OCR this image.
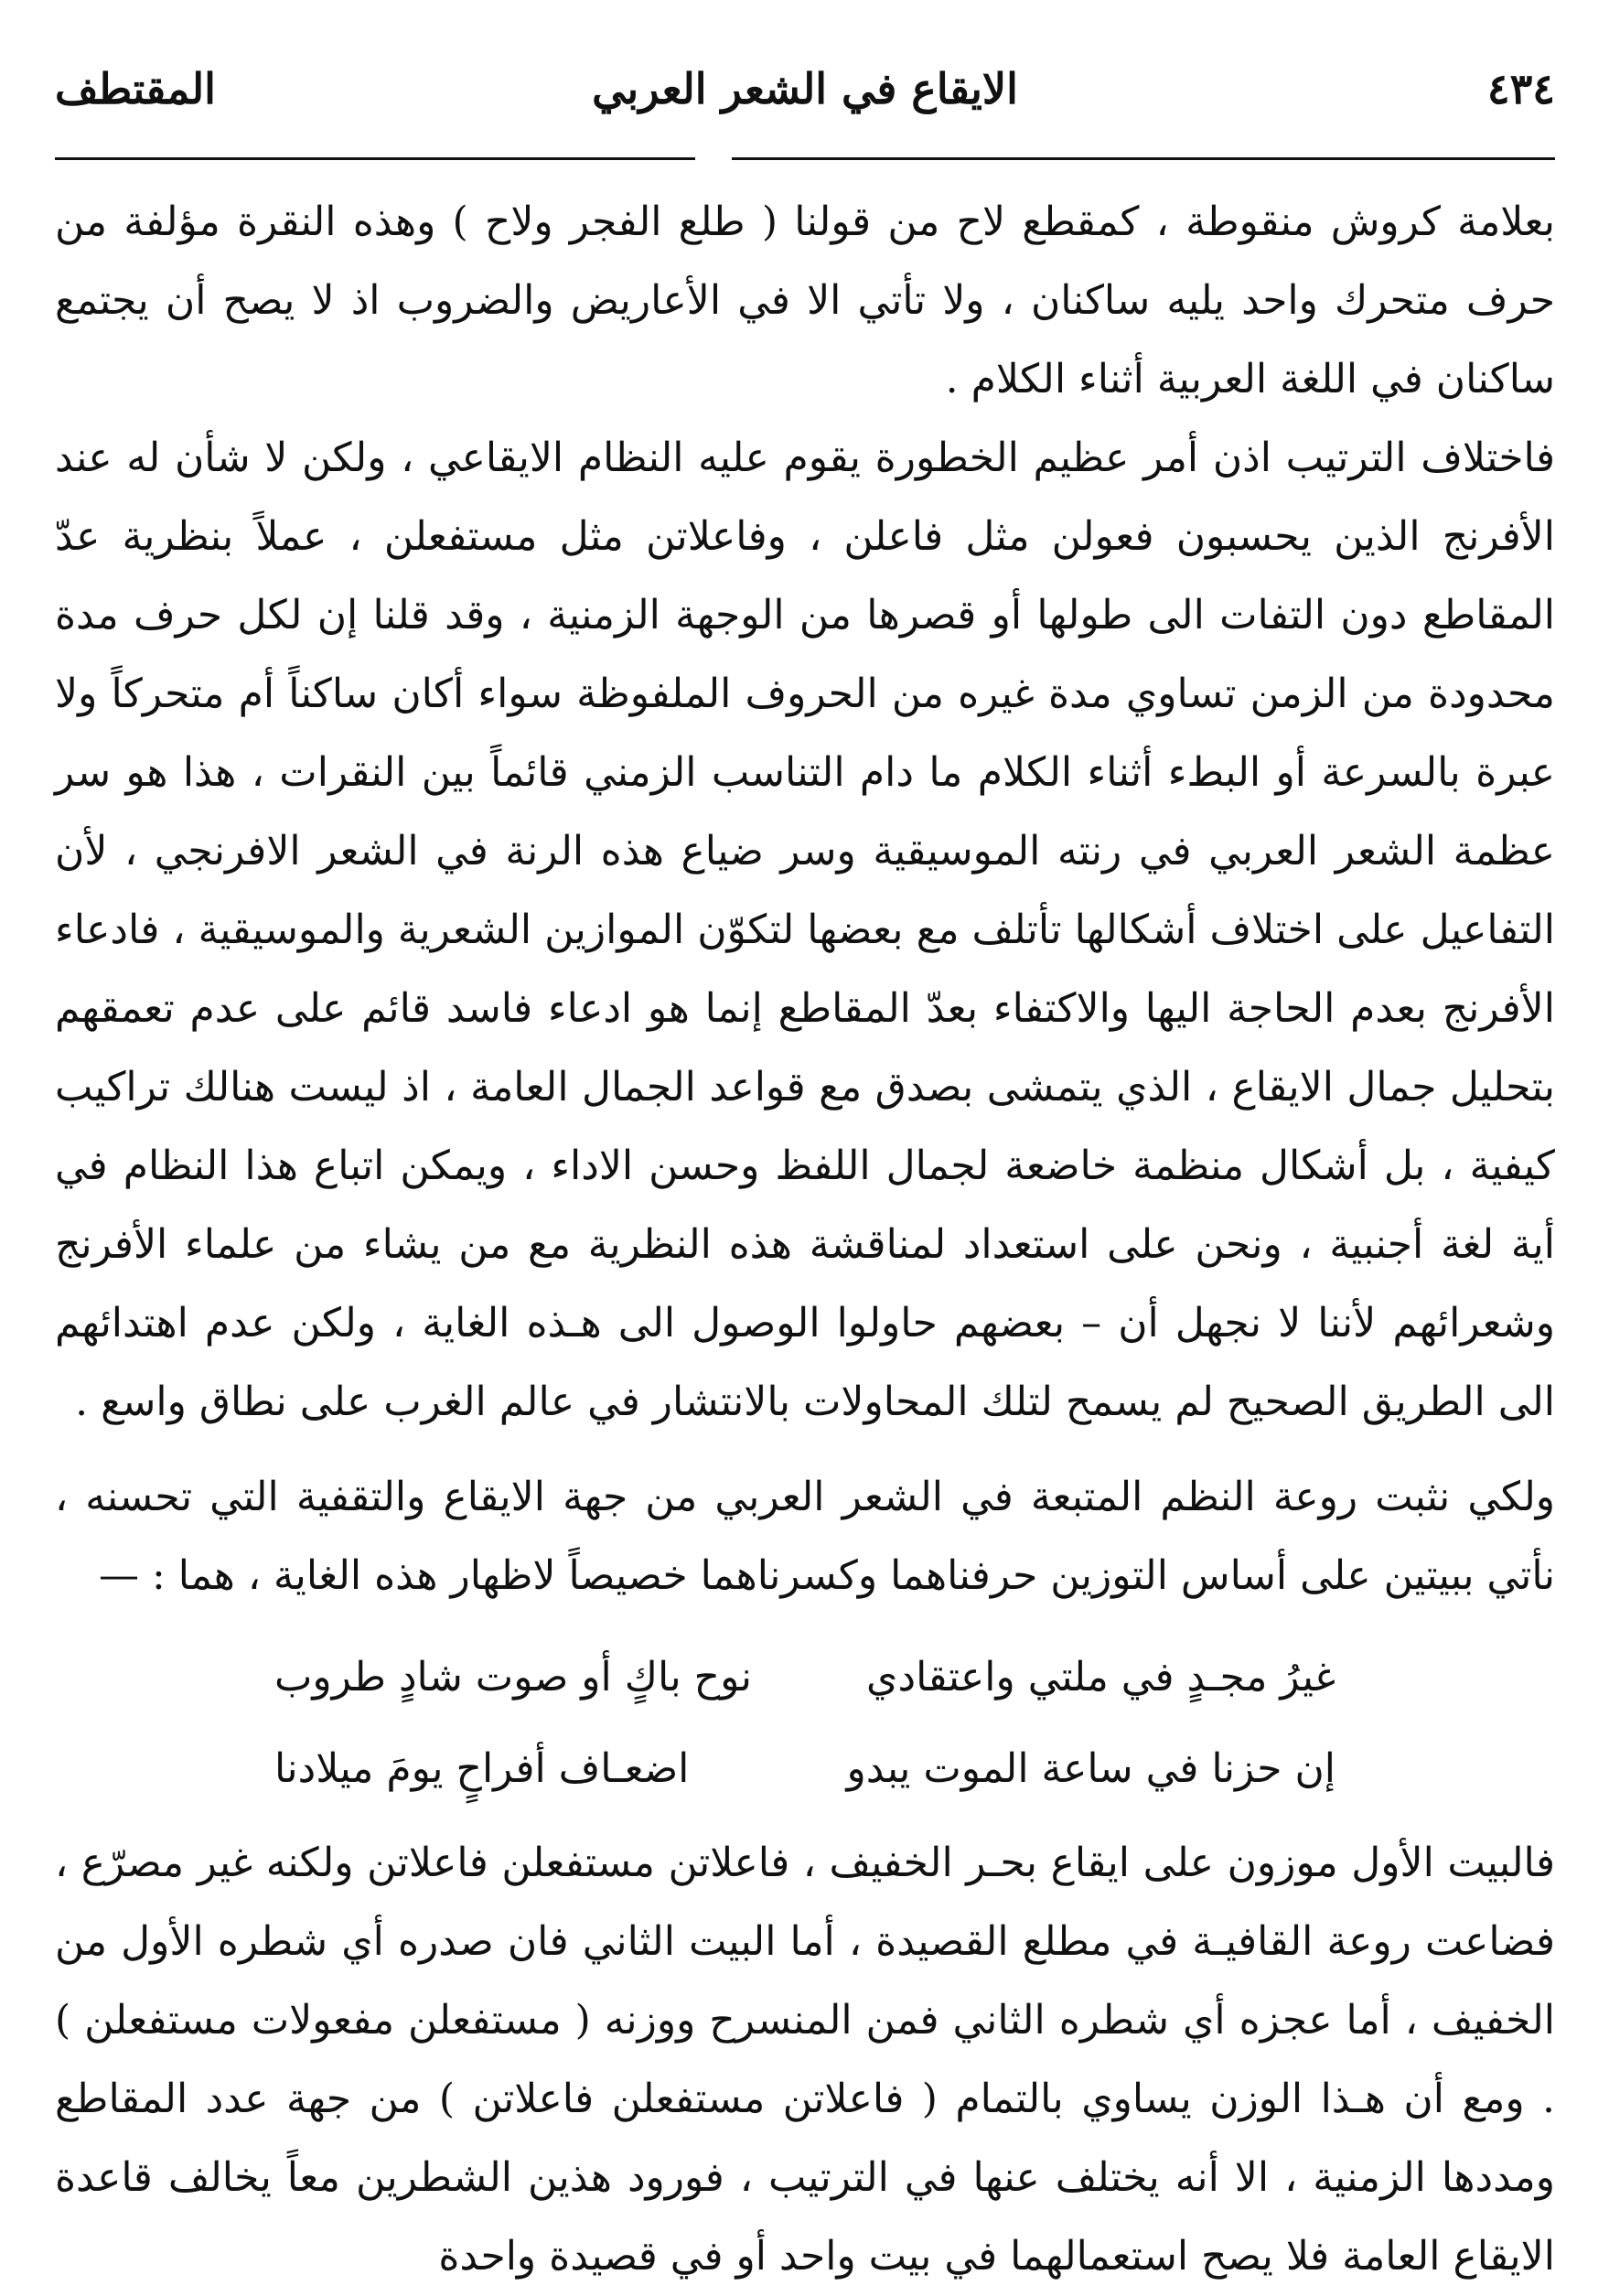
٤٣٤
الايقاع في الشعر العربي
المقتطف

بعلامة كروش منقوطة ، كمقطع لاح من قولنا ( طلع الفجر ولاح ) وهذه النقرة مؤلفة من حرف متحرك واحد يليه ساكنان ، ولا تأتي الا في الأعاريض والضروب اذ لا يصح أن يجتمع ساكنان في اللغة العربية أثناء الكلام .

فاختلاف الترتيب اذن أمر عظيم الخطورة يقوم عليه النظام الايقاعي ، ولكن لا شأن له عند الأفرنج الذين يحسبون فعولن مثل فاعلن ، وفاعلاتن مثل مستفعلن ، عملاً بنظرية عدّ المقاطع دون التفات الى طولها أو قصرها من الوجهة الزمنية ، وقد قلنا إن لكل حرف مدة محدودة من الزمن تساوي مدة غيره من الحروف الملفوظة سواء أكان ساكناً أم متحركاً ولا عبرة بالسرعة أو البطء أثناء الكلام ما دام التناسب الزمني قائماً بين النقرات ، هذا هو سر عظمة الشعر العربي في رنته الموسيقية وسر ضياع هذه الرنة في الشعر الافرنجي ، لأن التفاعيل على اختلاف أشكالها تأتلف مع بعضها لتكوّن الموازين الشعرية والموسيقية ، فادعاء الأفرنج بعدم الحاجة اليها والاكتفاء بعدّ المقاطع إنما هو ادعاء فاسد قائم على عدم تعمقهم بتحليل جمال الايقاع ، الذي يتمشى بصدق مع قواعد الجمال العامة ، اذ ليست هنالك تراكيب كيفية ، بل أشكال منظمة خاضعة لجمال اللفظ وحسن الاداء ، ويمكن اتباع هذا النظام في أية لغة أجنبية ، ونحن على استعداد لمناقشة هذه النظرية مع من يشاء من علماء الأفرنج وشعرائهم لأننا لا نجهل أن – بعضهم حاولوا الوصول الى هـذه الغاية ، ولكن عدم اهتدائهم الى الطريق الصحيح لم يسمح لتلك المحاولات بالانتشار في عالم الغرب على نطاق واسع .

ولكي نثبت روعة النظم المتبعة في الشعر العربي من جهة الايقاع والتقفية التي تحسنه ، نأتي ببيتين على أساس التوزين حرفناهما وكسرناهما خصيصاً لاظهار هذه الغاية ، هما : —

غيرُ مجـدٍ في ملتي واعتقادي
نوح باكٍ أو صوت شادٍ طروب
إن حزنا في ساعة الموت يبدو
اضعـاف أفراحٍ يومَ ميلادنا

فالبيت الأول موزون على ايقاع بحـر الخفيف ، فاعلاتن مستفعلن فاعلاتن ولكنه غير مصرّع ، فضاعت روعة القافيـة في مطلع القصيدة ، أما البيت الثاني فان صدره أي شطره الأول من الخفيف ، أما عجزه أي شطره الثاني فمن المنسرح ووزنه ( مستفعلن مفعولات مستفعلن ) . ومع أن هـذا الوزن يساوي بالتمام ( فاعلاتن مستفعلن فاعلاتن ) من جهة عدد المقاطع ومددها الزمنية ، الا أنه يختلف عنها في الترتيب ، فورود هذين الشطرين معاً يخالف قاعدة الايقاع العامة فلا يصح استعمالهما في بيت واحد أو في قصيدة واحدة
